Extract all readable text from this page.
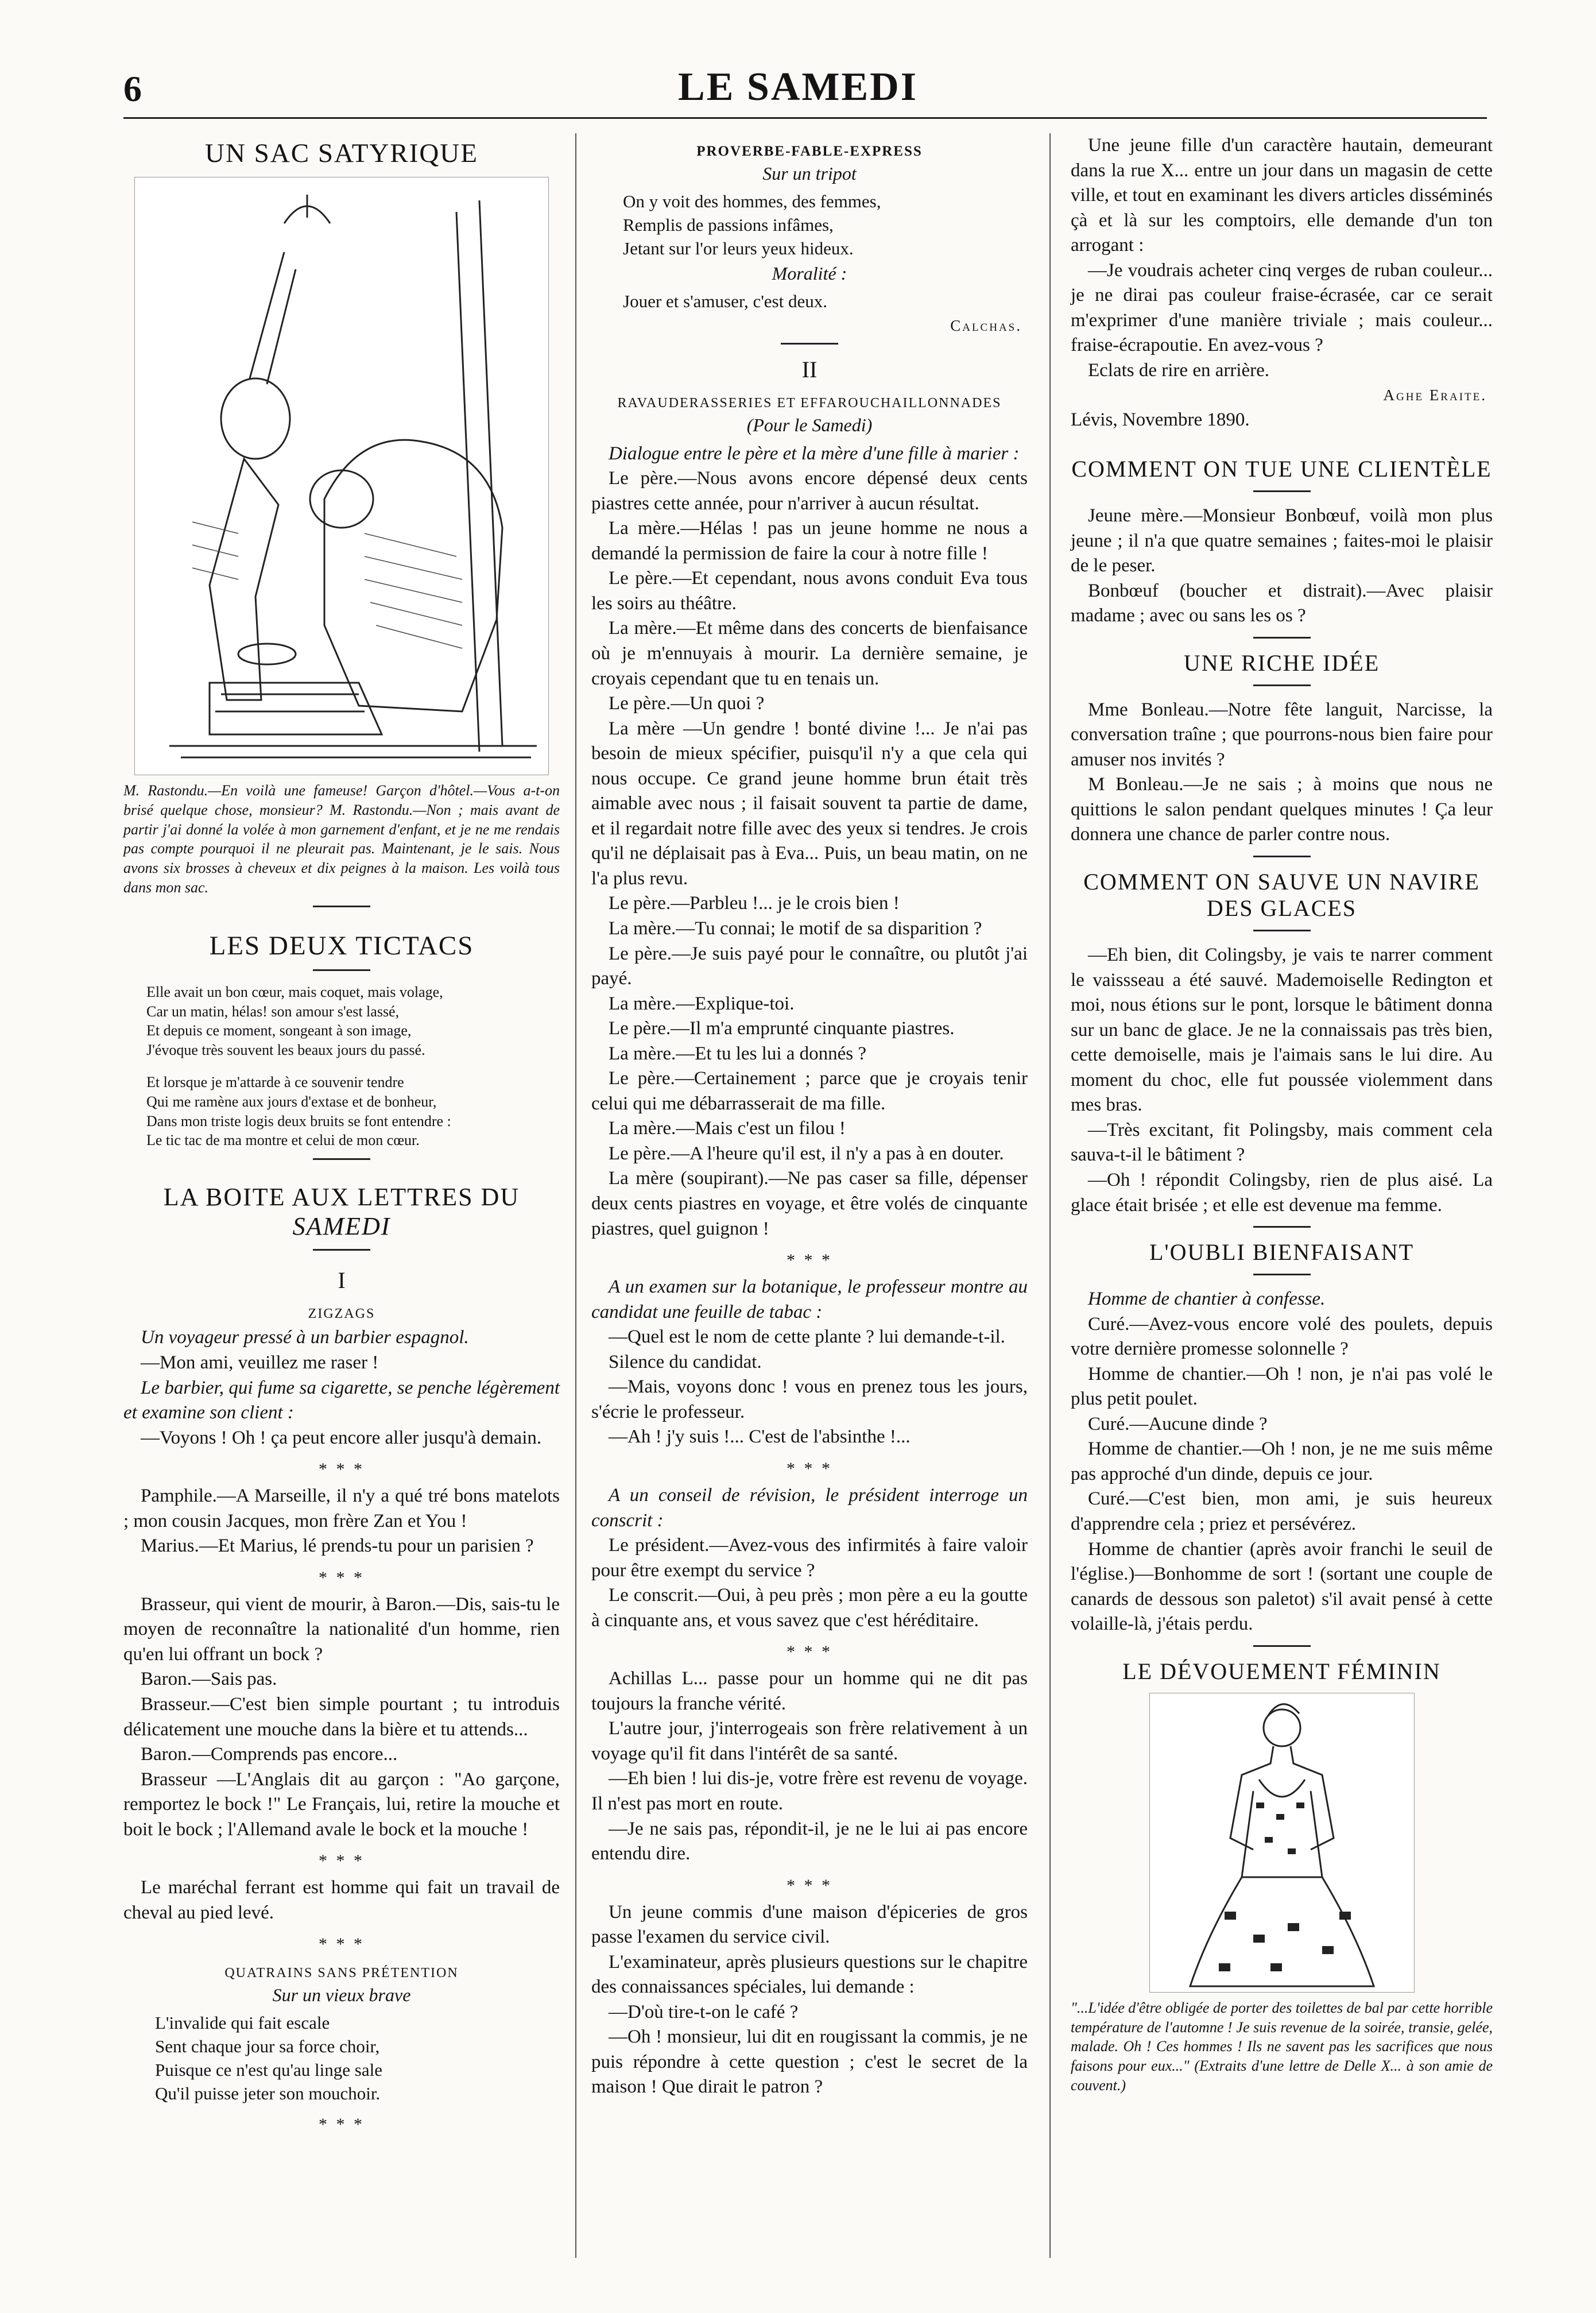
6	LE SAMEDI
UN SAC SATYRIQUE
M. Rastondu.—En voilà une fameuse! Garçon d'hôtel.—Vous a-t-on brisé quelque chose, monsieur? M. Rastondu.—Non ; mais avant de partir j'ai donné la volée à mon garnement d'enfant, et je ne me rendais pas compte pourquoi il ne pleurait pas. Maintenant, je le sais. Nous avons six brosses à cheveux et dix peignes à la maison. Les voilà tous dans mon sac.
LES DEUX TICTACS
Elle avait un bon cœur, mais coquet, mais volage,
Car un matin, hélas! son amour s'est lassé,
Et depuis ce moment, songeant à son image,
J'évoque très souvent les beaux jours du passé.
Et lorsque je m'attarde à ce souvenir tendre
Qui me ramène aux jours d'extase et de bonheur,
Dans mon triste logis deux bruits se font entendre :
Le tic tac de ma montre et celui de mon cœur.
LA BOITE AUX LETTRES DU SAMEDI
I
ZIGZAGS

Un voyageur pressé à un barbier espagnol.

—Mon ami, veuillez me raser !

Le barbier, qui fume sa cigarette, se penche légèrement et examine son client :

—Voyons ! Oh ! ça peut encore aller jusqu'à demain.

* * *

Pamphile.—A Marseille, il n'y a qué tré bons matelots ; mon cousin Jacques, mon frère Zan et You !

Marius.—Et Marius, lé prends-tu pour un parisien ?

* * *

Brasseur, qui vient de mourir, à Baron.—Dis, sais-tu le moyen de reconnaître la nationalité d'un homme, rien qu'en lui offrant un bock ?

Baron.—Sais pas.

Brasseur.—C'est bien simple pourtant ; tu introduis délicatement une mouche dans la bière et tu attends...

Baron.—Comprends pas encore...

Brasseur —L'Anglais dit au garçon : "Ao garçone, remportez le bock !" Le Français, lui, retire la mouche et boit le bock ; l'Allemand avale le bock et la mouche !

* * *

Le maréchal ferrant est homme qui fait un travail de cheval au pied levé.

* * *
QUATRAINS SANS PRÉTENTION
Sur un vieux brave
L'invalide qui fait escale
Sent chaque jour sa force choir,
Puisque ce n'est qu'au linge sale
Qu'il puisse jeter son mouchoir.
* * *
PROVERBE-FABLE-EXPRESS
Sur un tripot
On y voit des hommes, des femmes,
Remplis de passions infâmes,
Jetant sur l'or leurs yeux hideux.
Moralité :
Jouer et s'amuser, c'est deux.
Calchas.
II
RAVAUDERASSERIES ET EFFAROUCHAILLONNADES
(Pour le Samedi)

Dialogue entre le père et la mère d'une fille à marier :

Le père.—Nous avons encore dépensé deux cents piastres cette année, pour n'arriver à aucun résultat.

La mère.—Hélas ! pas un jeune homme ne nous a demandé la permission de faire la cour à notre fille !

Le père.—Et cependant, nous avons conduit Eva tous les soirs au théâtre.

La mère.—Et même dans des concerts de bienfaisance où je m'ennuyais à mourir. La dernière semaine, je croyais cependant que tu en tenais un.

Le père.—Un quoi ?

La mère —Un gendre ! bonté divine !... Je n'ai pas besoin de mieux spécifier, puisqu'il n'y a que cela qui nous occupe. Ce grand jeune homme brun était très aimable avec nous ; il faisait souvent ta partie de dame, et il regardait notre fille avec des yeux si tendres. Je crois qu'il ne déplaisait pas à Eva... Puis, un beau matin, on ne l'a plus revu.

Le père.—Parbleu !... je le crois bien !

La mère.—Tu connai; le motif de sa disparition ?

Le père.—Je suis payé pour le connaître, ou plutôt j'ai payé.

La mère.—Explique-toi.

Le père.—Il m'a emprunté cinquante piastres.

La mère.—Et tu les lui a donnés ?

Le père.—Certainement ; parce que je croyais tenir celui qui me débarrasserait de ma fille.

La mère.—Mais c'est un filou !

Le père.—A l'heure qu'il est, il n'y a pas à en douter.

La mère (soupirant).—Ne pas caser sa fille, dépenser deux cents piastres en voyage, et être volés de cinquante piastres, quel guignon !

* * *

A un examen sur la botanique, le professeur montre au candidat une feuille de tabac :

—Quel est le nom de cette plante ? lui demande-t-il.

Silence du candidat.

—Mais, voyons donc ! vous en prenez tous les jours, s'écrie le professeur.

—Ah ! j'y suis !... C'est de l'absinthe !...

* * *

A un conseil de révision, le président interroge un conscrit :

Le président.—Avez-vous des infirmités à faire valoir pour être exempt du service ?

Le conscrit.—Oui, à peu près ; mon père a eu la goutte à cinquante ans, et vous savez que c'est héréditaire.

* * *

Achillas L... passe pour un homme qui ne dit pas toujours la franche vérité.

L'autre jour, j'interrogeais son frère relativement à un voyage qu'il fit dans l'intérêt de sa santé.

—Eh bien ! lui dis-je, votre frère est revenu de voyage. Il n'est pas mort en route.

—Je ne sais pas, répondit-il, je ne le lui ai pas encore entendu dire.

* * *

Un jeune commis d'une maison d'épiceries de gros passe l'examen du service civil.

L'examinateur, après plusieurs questions sur le chapitre des connaissances spéciales, lui demande :

—D'où tire-t-on le café ?

—Oh ! monsieur, lui dit en rougissant la commis, je ne puis répondre à cette question ; c'est le secret de la maison ! Que dirait le patron ?

Une jeune fille d'un caractère hautain, demeurant dans la rue X... entre un jour dans un magasin de cette ville, et tout en examinant les divers articles disséminés çà et là sur les comptoirs, elle demande d'un ton arrogant :

—Je voudrais acheter cinq verges de ruban couleur... je ne dirai pas couleur fraise-écrasée, car ce serait m'exprimer d'une manière triviale ; mais couleur... fraise-écrapoutie. En avez-vous ?

Eclats de rire en arrière.

Aghe Eraite.

Lévis, Novembre 1890.

COMMENT ON TUE UNE CLIENTÈLE

Jeune mère.—Monsieur Bonbœuf, voilà mon plus jeune ; il n'a que quatre semaines ; faites-moi le plaisir de le peser.

Bonbœuf (boucher et distrait).—Avec plaisir madame ; avec ou sans les os ?

UNE RICHE IDÉE

Mme Bonleau.—Notre fête languit, Narcisse, la conversation traîne ; que pourrons-nous bien faire pour amuser nos invités ?

M Bonleau.—Je ne sais ; à moins que nous ne quittions le salon pendant quelques minutes ! Ça leur donnera une chance de parler contre nous.

COMMENT ON SAUVE UN NAVIRE DES GLACES

—Eh bien, dit Colingsby, je vais te narrer comment le vaissseau a été sauvé. Mademoiselle Redington et moi, nous étions sur le pont, lorsque le bâtiment donna sur un banc de glace. Je ne la connaissais pas très bien, cette demoiselle, mais je l'aimais sans le lui dire. Au moment du choc, elle fut poussée violemment dans mes bras.

—Très excitant, fit Polingsby, mais comment cela sauva-t-il le bâtiment ?

—Oh ! répondit Colingsby, rien de plus aisé. La glace était brisée ; et elle est devenue ma femme.

L'OUBLI BIENFAISANT

Homme de chantier à confesse.

Curé.—Avez-vous encore volé des poulets, depuis votre dernière promesse solonnelle ?

Homme de chantier.—Oh ! non, je n'ai pas volé le plus petit poulet.

Curé.—Aucune dinde ?

Homme de chantier.—Oh ! non, je ne me suis même pas approché d'un dinde, depuis ce jour.

Curé.—C'est bien, mon ami, je suis heureux d'apprendre cela ; priez et persévérez.

Homme de chantier (après avoir franchi le seuil de l'église.)—Bonhomme de sort ! (sortant une couple de canards de dessous son paletot) s'il avait pensé à cette volaille-là, j'étais perdu.

LE DÉVOUEMENT FÉMININ
"...L'idée d'être obligée de porter des toilettes de bal par cette horrible température de l'automne ! Je suis revenue de la soirée, transie, gelée, malade. Oh ! Ces hommes ! Ils ne savent pas les sacrifices que nous faisons pour eux..." (Extraits d'une lettre de Delle X... à son amie de couvent.)
